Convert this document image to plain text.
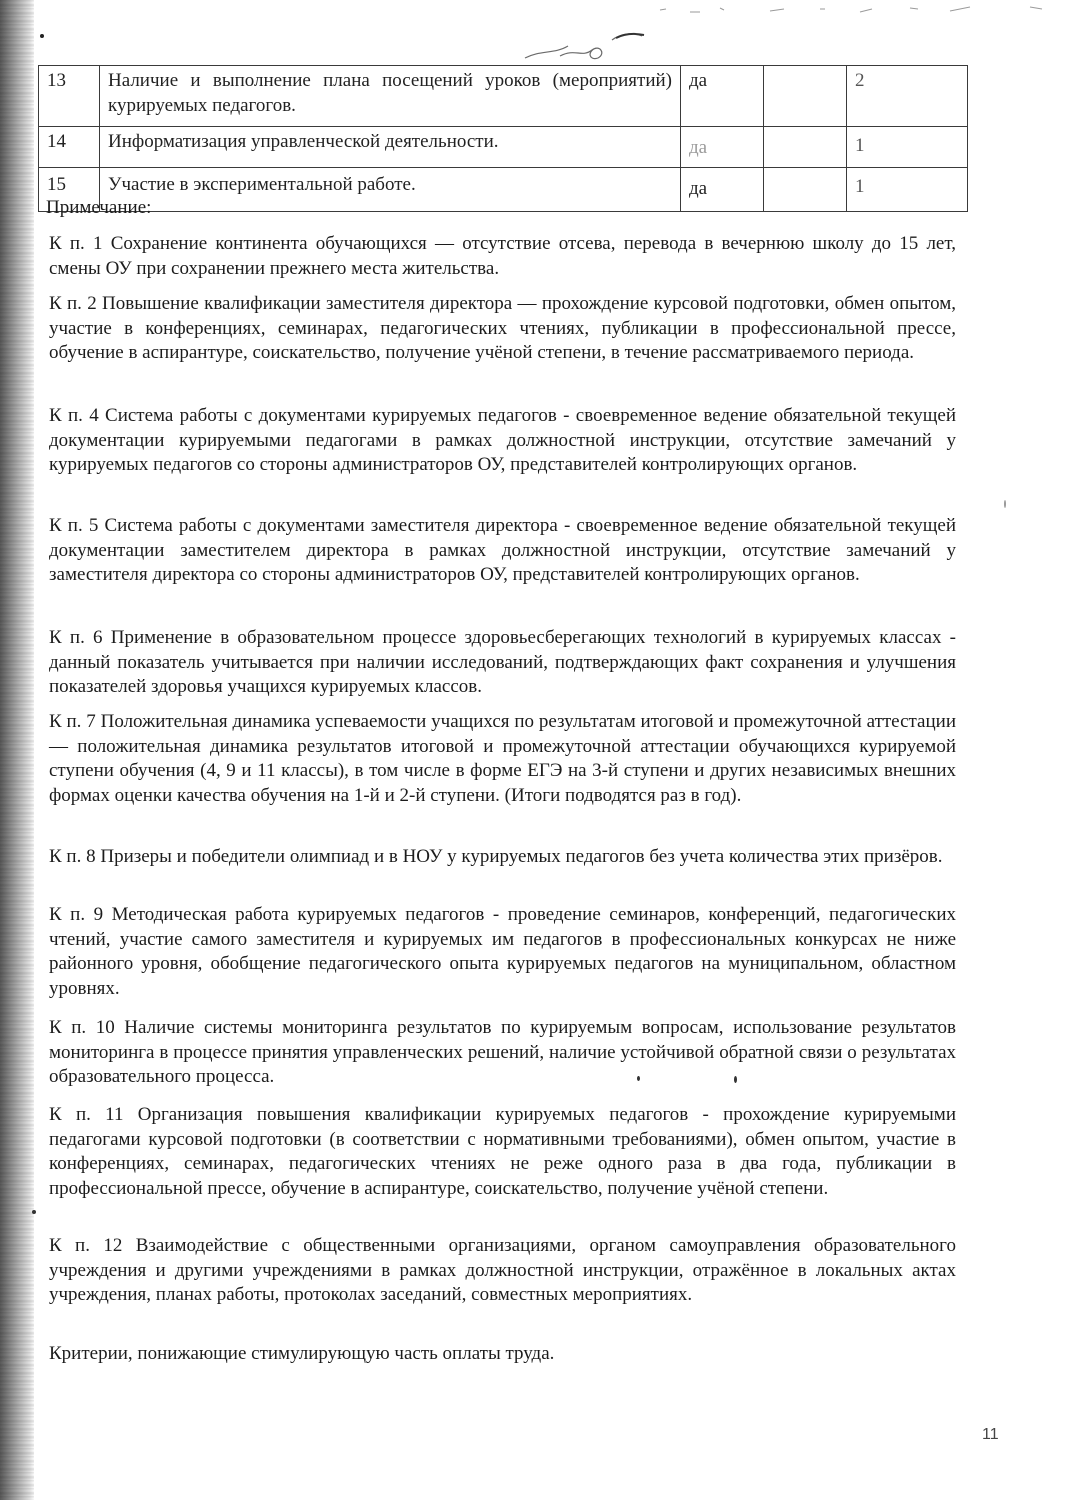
13	Наличие и выполнение плана посещений уроков (мероприятий) курируемых педагогов.	да		2
14	Информатизация управленческой деятельности.	да		1
15	Участие в экспериментальной работе.	да		1
Примечание:

К п. 1 Сохранение континента обучающихся — отсутствие отсева, перевода в вечернюю школу до 15 лет, смены ОУ при сохранении прежнего места жительства.

К п. 2 Повышение квалификации заместителя директора — прохождение курсовой подготовки, обмен опытом, участие в конференциях, семинарах, педагогических чтениях, публикации в профессиональной прессе, обучение в аспирантуре, соискательство, получение учёной степени, в течение рассматриваемого периода.

К п. 4 Система работы с документами курируемых педагогов - своевременное ведение обязательной текущей документации курируемыми педагогами в рамках должностной инструкции, отсутствие замечаний у курируемых педагогов со стороны администраторов ОУ, представителей контролирующих органов.

К п. 5 Система работы с документами заместителя директора - своевременное ведение обязательной текущей документации заместителем директора в рамках должностной инструкции, отсутствие замечаний у заместителя директора со стороны администраторов ОУ, представителей контролирующих органов.

К п. 6 Применение в образовательном процессе здоровьесберегающих технологий в курируемых классах - данный показатель учитывается при наличии исследований, подтверждающих факт сохранения и улучшения показателей здоровья учащихся курируемых классов.

К п. 7 Положительная динамика успеваемости учащихся по результатам итоговой и промежуточной аттестации — положительная динамика результатов итоговой и промежуточной аттестации обучающихся курируемой ступени обучения (4, 9 и 11 классы), в том числе в форме ЕГЭ на 3-й ступени и других независимых внешних формах оценки качества обучения на 1-й и 2-й ступени. (Итоги подводятся раз в год).

К п. 8 Призеры и победители олимпиад и в НОУ у курируемых педагогов без учета количества этих призёров.

К п. 9 Методическая работа курируемых педагогов - проведение семинаров, конференций, педагогических чтений, участие самого заместителя и курируемых им педагогов в профессиональных конкурсах не ниже районного уровня, обобщение педагогического опыта курируемых педагогов на муниципальном, областном уровнях.

К п. 10 Наличие системы мониторинга результатов по курируемым вопросам, использование результатов мониторинга в процессе принятия управленческих решений, наличие устойчивой обратной связи о результатах образовательного процесса.

К п. 11 Организация повышения квалификации курируемых педагогов - прохождение курируемыми педагогами курсовой подготовки (в соответствии с нормативными требованиями), обмен опытом, участие в конференциях, семинарах, педагогических чтениях не реже одного раза в два года, публикации в профессиональной прессе, обучение в аспирантуре, соискательство, получение учёной степени.

К п. 12 Взаимодействие с общественными организациями, органом самоуправления образовательного учреждения и другими учреждениями в рамках должностной инструкции, отражённое в локальных актах учреждения, планах работы, протоколах заседаний, совместных мероприятиях.

Критерии, понижающие стимулирующую часть оплаты труда.
11
